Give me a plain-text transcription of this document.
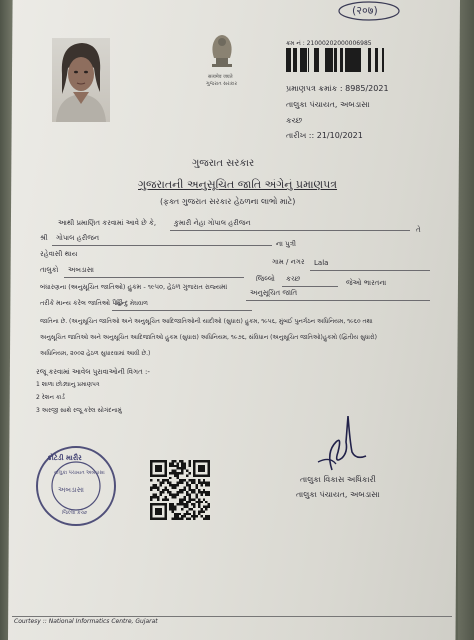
(२०७)
सत्यमेव जयते
ગુજરાત સરકાર
ક્રમ નં : 21000202000006985
પ્રમાણપત્ર ક્રમાંક : 8985/2021
તાલુકા પંચાયત, અબડાસા
કચ્છ
તારીખ :: 21/10/2021
ગુજરાત સરકાર
ગુજરાતની અનુસૂચિત જાતિ અંગેનું પ્રમાણપત્ર
(ફક્ત ગુજરાત સરકાર હેઠળના લાભો માટે)
આથી પ્રમાણિત કરવામાં આવે છે કે,	કુમારી નેહા ગોપાલ હરીજન
તે
શ્રી ગોપાલ હરીજન
ના પુત્રી
રહેવાસી થાય
ગામ / નગર Lala
તાલુકો અબડાસા
જિલ્લો કચ્છ	જેઓ ભારતના
બંધારણના (અનુસૂચિત જાતિઓ) હુકમ - ૧૯૫૦, હેઠળ ગુજરાત રાજ્યમાં
અનુસૂચિત જાતિ
તરીકે માન્ય કરેલ જાતિઓ પૈકી
હિન્દુ મેઘવાળ
જાતિના છે. (અનુસૂચિત જાતિઓ અને અનુસૂચિત આદિજાતિઓની યાદીઓ (સુધારા) હુકમ, ૧૯૫૬, મુંબઈ પુનર્ગઠન અધિનિયમ, ૧૯૬૦ તથા
અનુસૂચિત જાતિઓ અને અનુસૂચિત આદિજાતિઓ હુકમ (સુધારા) અધિનિયમ, ૧૯૭૬, સંવિધાન (અનુસૂચિત જાતિઓ)હુકમો (દ્વિતીય સુધારો)
અધિનિયમ, ૨૦૦૨ હેઠળ સુધારવામાં આવી છે.)
રજૂ કરવામાં આવેલ પુરાવાઓની વિગત :-
1 શાળા છોડ્યાનુ પ્રમાણપત્ર
2 રેશન કાર્ડ
3 અરજી સાથે રજૂ કરેલ સોગંદનામું
ક્રોટેડી મારૌર
તાલુકા પંચાયત અબડાસા
અબડાસા
જિલ્લા કચ્છ
તાલુકા વિકાસ અધિકારી
તાલુકા પંચાયત, અબડાસા
Courtesy :: National Informatics Centre, Gujarat
